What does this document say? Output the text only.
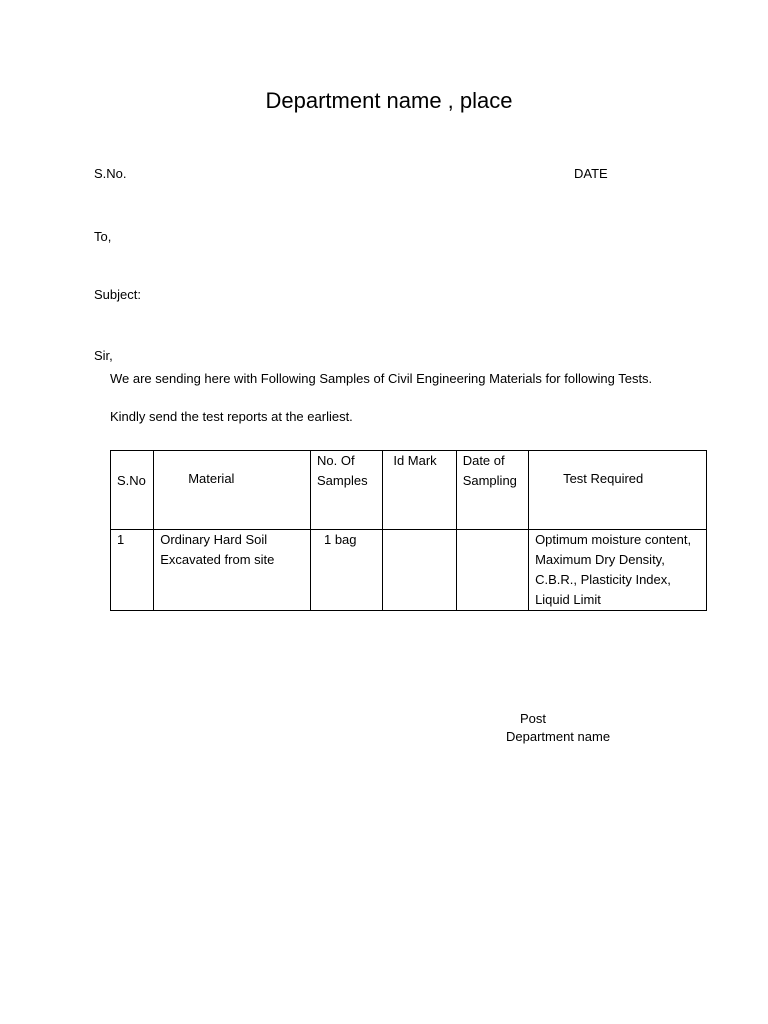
Department name , place
S.No.	DATE
To,
Subject:
Sir,
We are sending here with Following Samples of Civil Engineering Materials for following Tests.
Kindly send the test reports at the earliest.
S.No	Material	No. Of Samples	Id Mark	Date of Sampling	Test Required
1	Ordinary Hard Soil Excavated from site	1 bag			Optimum moisture content, Maximum Dry Density, C.B.R., Plasticity Index, Liquid Limit
Post
Department name
